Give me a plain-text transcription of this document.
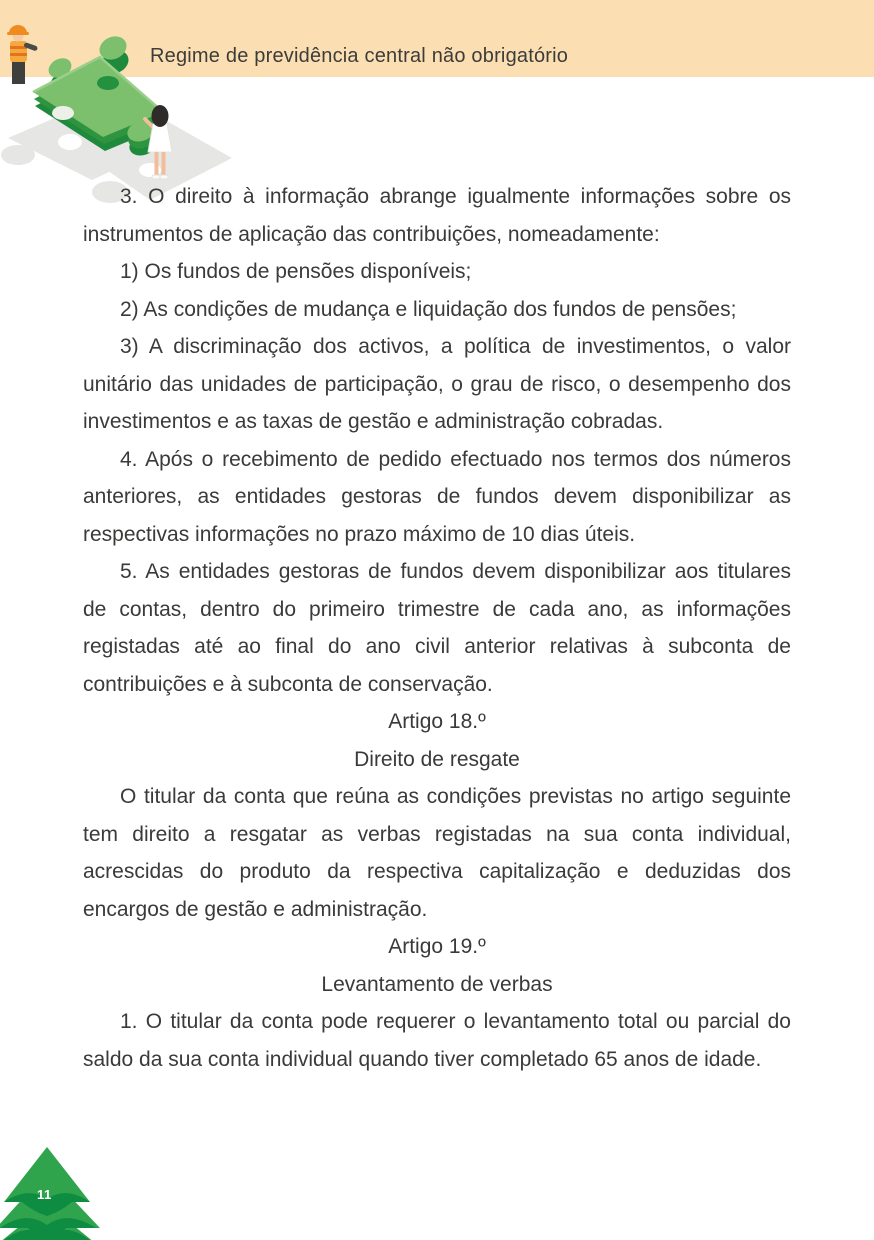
Regime de previdência central não obrigatório

3. O direito à informação abrange igualmente informações sobre os instrumentos de aplicação das contribuições, nomeadamente:

1) Os fundos de pensões disponíveis;

2) As condições de mudança e liquidação dos fundos de pensões;

3) A discriminação dos activos, a política de investimentos, o valor unitário das unidades de participação, o grau de risco, o desempenho dos investimentos e as taxas de gestão e administração cobradas.

4. Após o recebimento de pedido efectuado nos termos dos números anteriores, as entidades gestoras de fundos devem disponibilizar as respectivas informações no prazo máximo de 10 dias úteis.

5. As entidades gestoras de fundos devem disponibilizar aos titulares de contas, dentro do primeiro trimestre de cada ano, as informações registadas até ao final do ano civil anterior relativas à subconta de contribuições e à subconta de conservação.

Artigo 18.º
Direito de resgate

O titular da conta que reúna as condições previstas no artigo seguinte tem direito a resgatar as verbas registadas na sua conta individual, acrescidas do produto da respectiva capitalização e deduzidas dos encargos de gestão e administração.

Artigo 19.º
Levantamento de verbas

1. O titular da conta pode requerer o levantamento total ou parcial do saldo da sua conta individual quando tiver completado 65 anos de idade.

11
